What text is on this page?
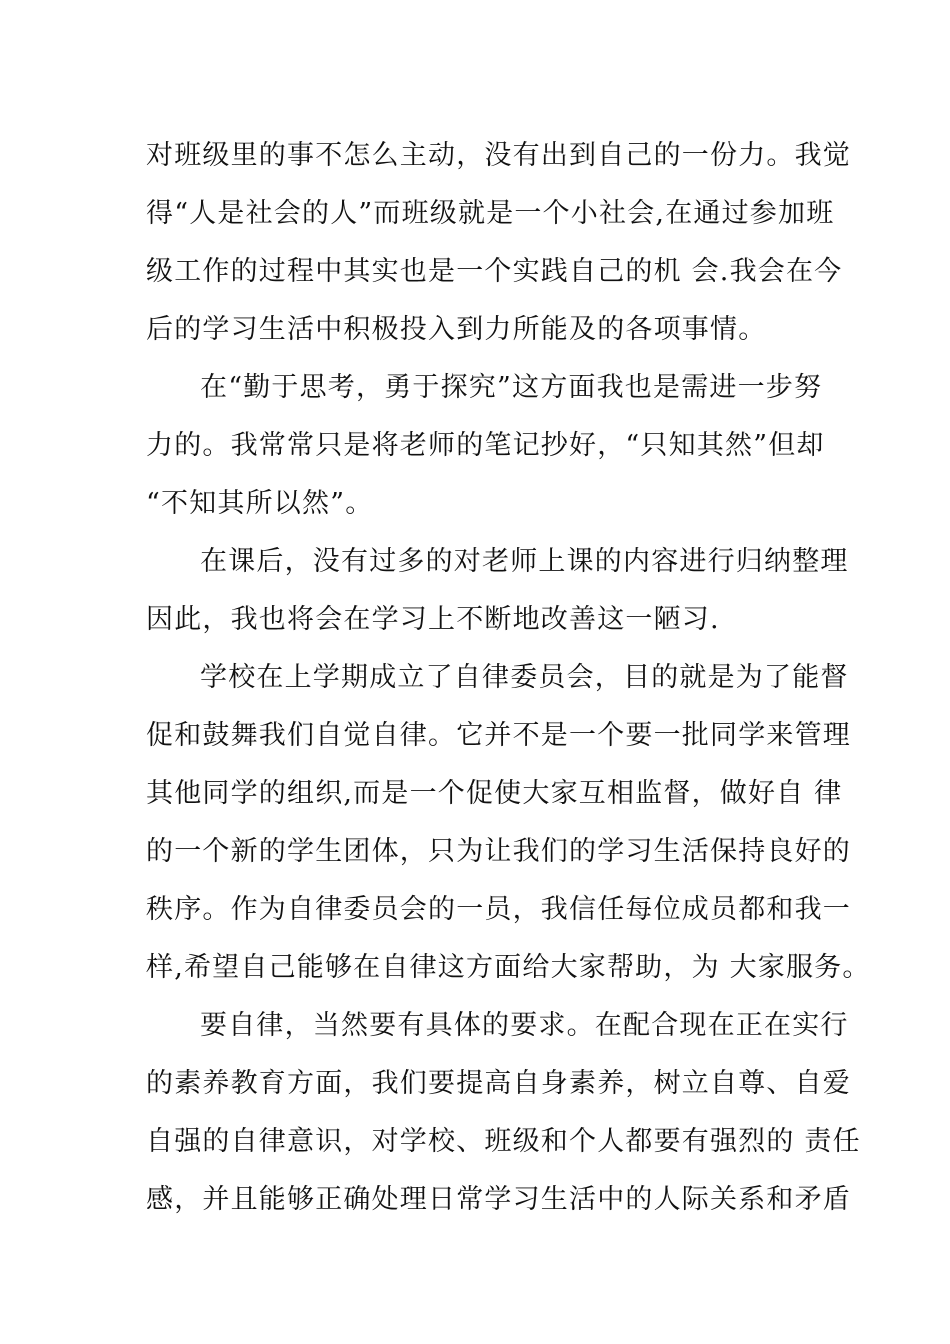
对班级里的事不怎么主动，没有出到自己的一份力。我觉
得“人是社会的人”而班级就是一个小社会,在通过参加班
级工作的过程中其实也是一个实践自己的机 会.我会在今
后的学习生活中积极投入到力所能及的各项事情。
在“勤于思考，勇于探究”这方面我也是需进一步努
力的。我常常只是将老师的笔记抄好，“只知其然”但却
“不知其所以然”。
在课后，没有过多的对老师上课的内容进行归纳整理
因此，我也将会在学习上不断地改善这一陋习.
学校在上学期成立了自律委员会，目的就是为了能督
促和鼓舞我们自觉自律。它并不是一个要一批同学来管理
其他同学的组织,而是一个促使大家互相监督，做好自 律
的一个新的学生团体，只为让我们的学习生活保持良好的
秩序。作为自律委员会的一员，我信任每位成员都和我一
样,希望自己能够在自律这方面给大家帮助，为 大家服务。
要自律，当然要有具体的要求。在配合现在正在实行
的素养教育方面，我们要提高自身素养，树立自尊、自爱
自强的自律意识，对学校、班级和个人都要有强烈的 责任
感，并且能够正确处理日常学习生活中的人际关系和矛盾
